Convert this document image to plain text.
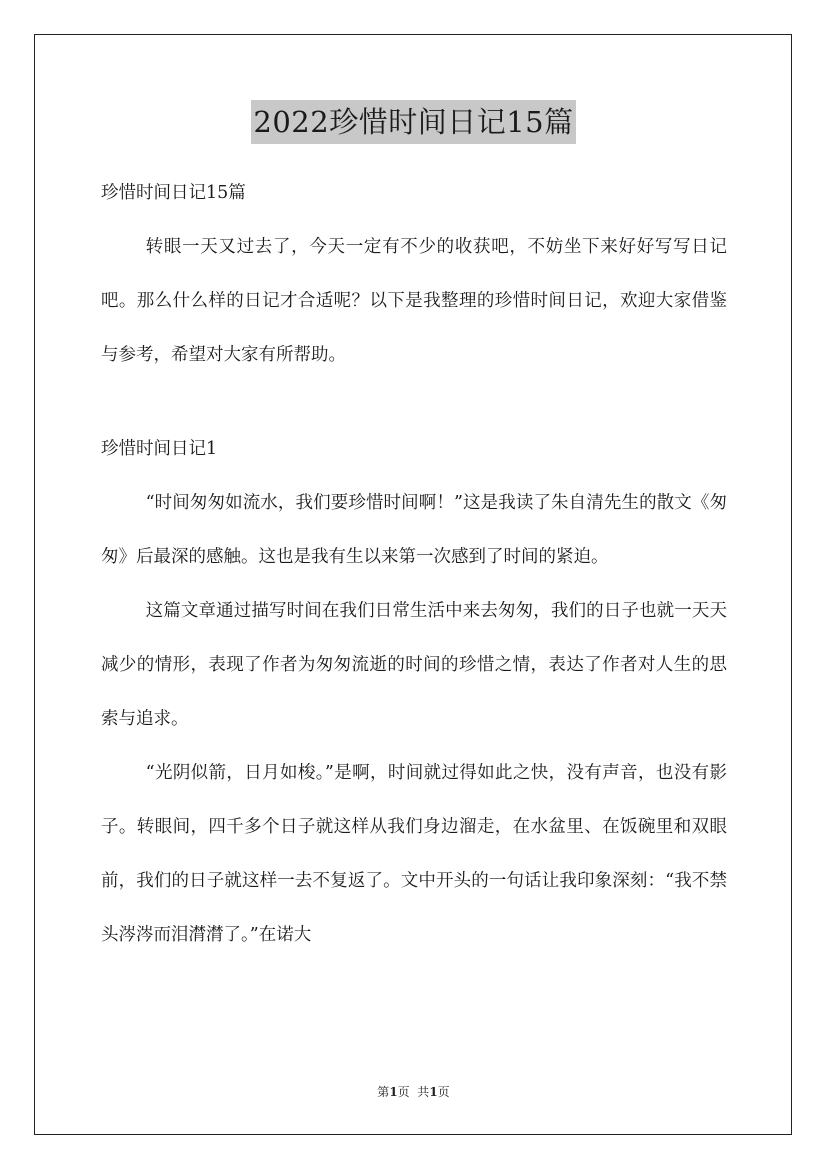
2022珍惜时间日记15篇

珍惜时间日记15篇

转眼一天又过去了，今天一定有不少的收获吧，不妨坐下来好好写写日记吧。那么什么样的日记才合适呢？以下是我整理的珍惜时间日记，欢迎大家借鉴与参考，希望对大家有所帮助。

珍惜时间日记1

“时间匆匆如流水，我们要珍惜时间啊！”这是我读了朱自清先生的散文《匆匆》后最深的感触。这也是我有生以来第一次感到了时间的紧迫。

这篇文章通过描写时间在我们日常生活中来去匆匆，我们的日子也就一天天减少的情形，表现了作者为匆匆流逝的时间的珍惜之情，表达了作者对人生的思索与追求。

“光阴似箭，日月如梭。”是啊，时间就过得如此之快，没有声音，也没有影子。转眼间，四千多个日子就这样从我们身边溜走，在水盆里、在饭碗里和双眼前，我们的日子就这样一去不复返了。文中开头的一句话让我印象深刻：“我不禁头涔涔而泪潸潸了。”在诺大

第1页  共1页
